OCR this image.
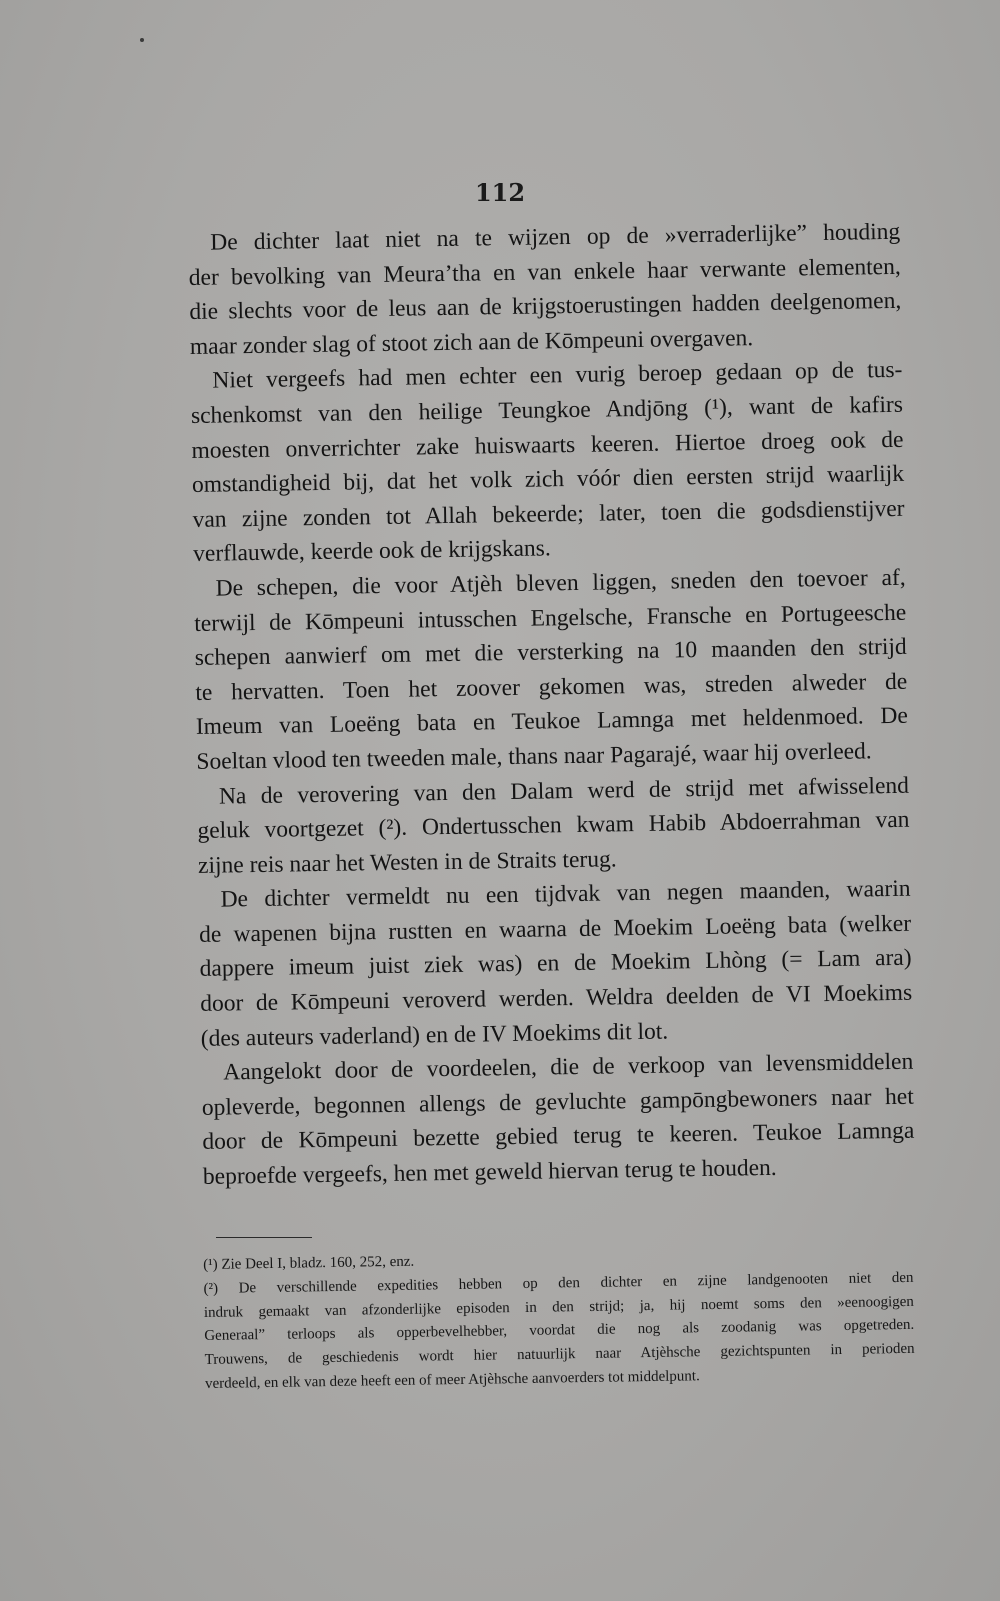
112
De dichter laat niet na te wijzen op de »verraderlijke” houding
der bevolking van Meura’tha en van enkele haar verwante elementen,
die slechts voor de leus aan de krijgstoerustingen hadden deelgenomen,
maar zonder slag of stoot zich aan de Kōmpeuni overgaven.
Niet vergeefs had men echter een vurig beroep gedaan op de tus-
schenkomst van den heilige Teungkoe Andjōng (¹), want de kafirs
moesten onverrichter zake huiswaarts keeren. Hiertoe droeg ook de
omstandigheid bij, dat het volk zich vóór dien eersten strijd waarlijk
van zijne zonden tot Allah bekeerde; later, toen die godsdienstijver
verflauwde, keerde ook de krijgskans.
De schepen, die voor Atjèh bleven liggen, sneden den toevoer af,
terwijl de Kōmpeuni intusschen Engelsche, Fransche en Portugeesche
schepen aanwierf om met die versterking na 10 maanden den strijd
te hervatten. Toen het zoover gekomen was, streden alweder de
Imeum van Loeëng bata en Teukoe Lamnga met heldenmoed. De
Soeltan vlood ten tweeden male, thans naar Pagarajé, waar hij overleed.
Na de verovering van den Dalam werd de strijd met afwisselend
geluk voortgezet (²). Ondertusschen kwam Habib Abdoerrahman van
zijne reis naar het Westen in de Straits terug.
De dichter vermeldt nu een tijdvak van negen maanden, waarin
de wapenen bijna rustten en waarna de Moekim Loeëng bata (welker
dappere imeum juist ziek was) en de Moekim Lhòng (= Lam ara)
door de Kōmpeuni veroverd werden. Weldra deelden de VI Moekims
(des auteurs vaderland) en de IV Moekims dit lot.
Aangelokt door de voordeelen, die de verkoop van levensmiddelen
opleverde, begonnen allengs de gevluchte gampōngbewoners naar het
door de Kōmpeuni bezette gebied terug te keeren. Teukoe Lamnga
beproefde vergeefs, hen met geweld hiervan terug te houden.
(¹) Zie Deel I, bladz. 160, 252, enz.
(²) De verschillende expedities hebben op den dichter en zijne landgenooten niet den
indruk gemaakt van afzonderlijke episoden in den strijd; ja, hij noemt soms den »eenoogigen
Generaal” terloops als opperbevelhebber, voordat die nog als zoodanig was opgetreden.
Trouwens, de geschiedenis wordt hier natuurlijk naar Atjèhsche gezichtspunten in perioden
verdeeld, en elk van deze heeft een of meer Atjèhsche aanvoerders tot middelpunt.
